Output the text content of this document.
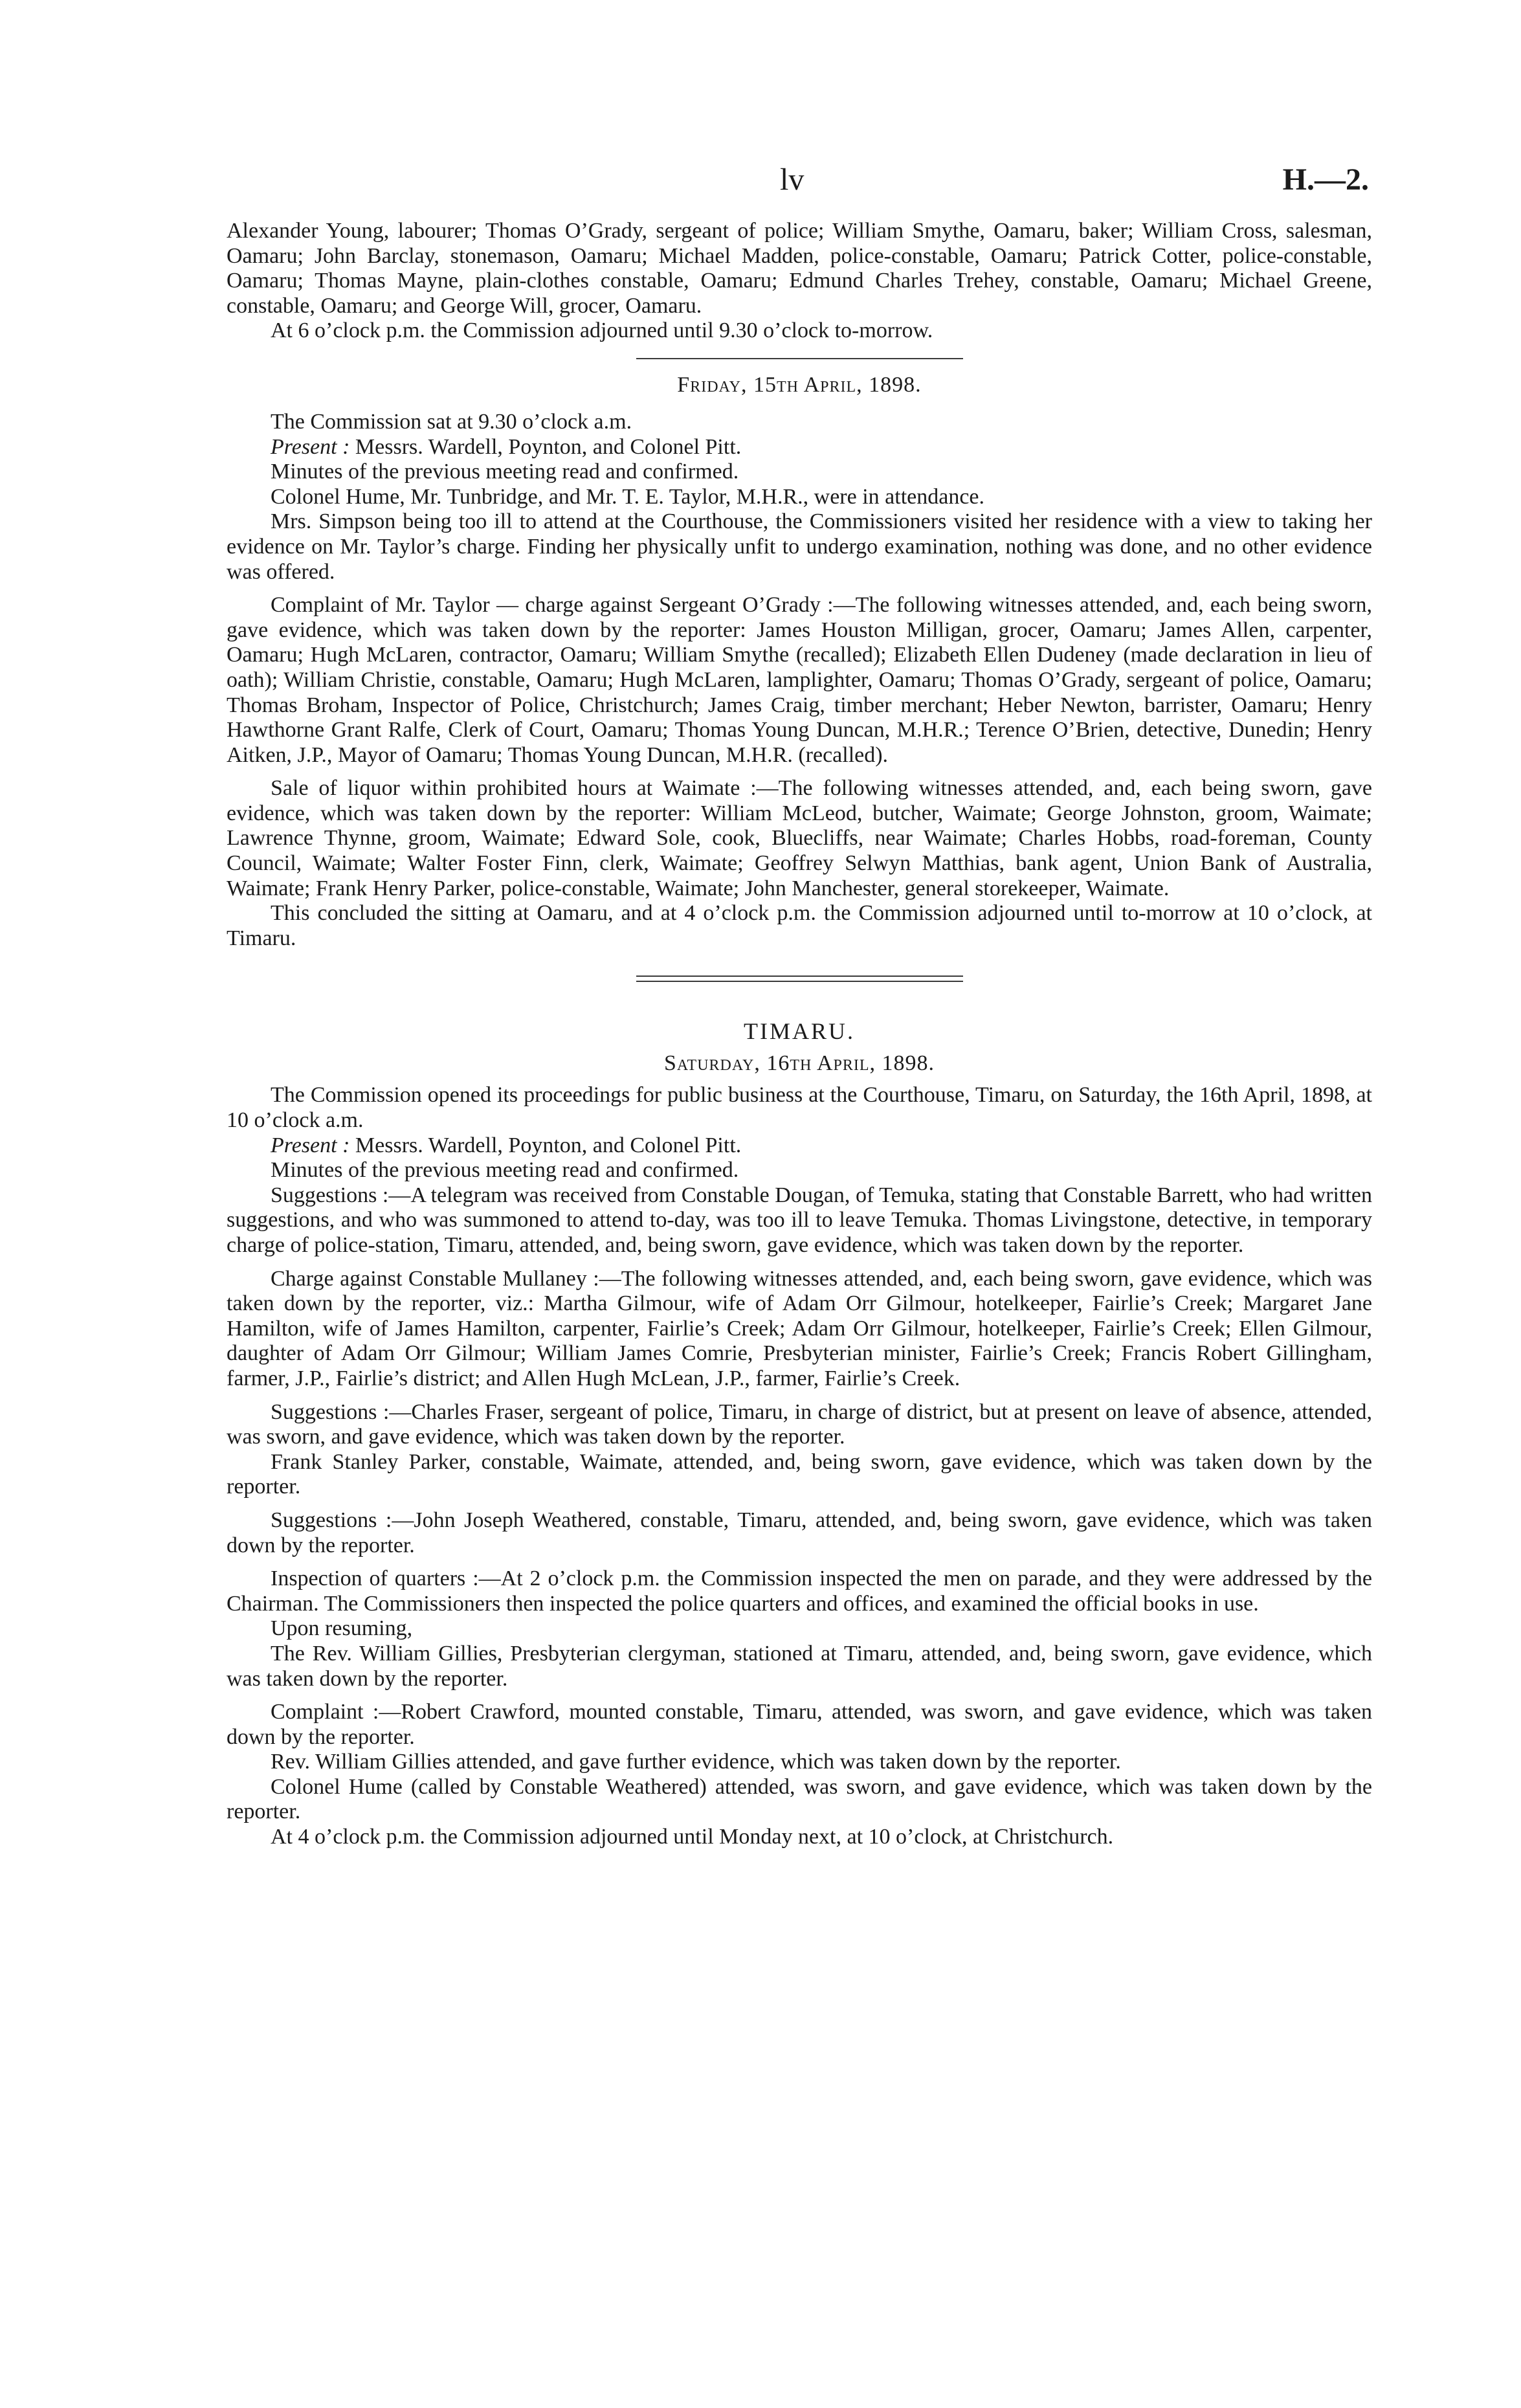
lv	H.—2.

Alexander Young, labourer; Thomas O’Grady, sergeant of police; William Smythe, Oamaru, baker; William Cross, salesman, Oamaru; John Barclay, stonemason, Oamaru; Michael Madden, police-constable, Oamaru; Patrick Cotter, police-constable, Oamaru; Thomas Mayne, plain-clothes constable, Oamaru; Edmund Charles Trehey, constable, Oamaru; Michael Greene, constable, Oamaru; and George Will, grocer, Oamaru.

At 6 o’clock p.m. the Commission adjourned until 9.30 o’clock to-morrow.

Friday, 15th April, 1898.

The Commission sat at 9.30 o’clock a.m.

Present : Messrs. Wardell, Poynton, and Colonel Pitt.

Minutes of the previous meeting read and confirmed.

Colonel Hume, Mr. Tunbridge, and Mr. T. E. Taylor, M.H.R., were in attendance.

Mrs. Simpson being too ill to attend at the Courthouse, the Commissioners visited her residence with a view to taking her evidence on Mr. Taylor’s charge. Finding her physically unfit to undergo examination, nothing was done, and no other evidence was offered.

Complaint of Mr. Taylor — charge against Sergeant O’Grady :—The following witnesses attended, and, each being sworn, gave evidence, which was taken down by the reporter: James Houston Milligan, grocer, Oamaru; James Allen, carpenter, Oamaru; Hugh McLaren, contractor, Oamaru; William Smythe (recalled); Elizabeth Ellen Dudeney (made declaration in lieu of oath); William Christie, constable, Oamaru; Hugh McLaren, lamplighter, Oamaru; Thomas O’Grady, sergeant of police, Oamaru; Thomas Broham, Inspector of Police, Christchurch; James Craig, timber merchant; Heber Newton, barrister, Oamaru; Henry Hawthorne Grant Ralfe, Clerk of Court, Oamaru; Thomas Young Duncan, M.H.R.; Terence O’Brien, detective, Dunedin; Henry Aitken, J.P., Mayor of Oamaru; Thomas Young Duncan, M.H.R. (recalled).

Sale of liquor within prohibited hours at Waimate :—The following witnesses attended, and, each being sworn, gave evidence, which was taken down by the reporter: William McLeod, butcher, Waimate; George Johnston, groom, Waimate; Lawrence Thynne, groom, Waimate; Edward Sole, cook, Bluecliffs, near Waimate; Charles Hobbs, road-foreman, County Council, Waimate; Walter Foster Finn, clerk, Waimate; Geoffrey Selwyn Matthias, bank agent, Union Bank of Australia, Waimate; Frank Henry Parker, police-constable, Waimate; John Manchester, general storekeeper, Waimate.

This concluded the sitting at Oamaru, and at 4 o’clock p.m. the Commission adjourned until to-morrow at 10 o’clock, at Timaru.

TIMARU.
Saturday, 16th April, 1898.

The Commission opened its proceedings for public business at the Courthouse, Timaru, on Saturday, the 16th April, 1898, at 10 o’clock a.m.

Present : Messrs. Wardell, Poynton, and Colonel Pitt.

Minutes of the previous meeting read and confirmed.

Suggestions :—A telegram was received from Constable Dougan, of Temuka, stating that Constable Barrett, who had written suggestions, and who was summoned to attend to-day, was too ill to leave Temuka. Thomas Livingstone, detective, in temporary charge of police-station, Timaru, attended, and, being sworn, gave evidence, which was taken down by the reporter.

Charge against Constable Mullaney :—The following witnesses attended, and, each being sworn, gave evidence, which was taken down by the reporter, viz.: Martha Gilmour, wife of Adam Orr Gilmour, hotelkeeper, Fairlie’s Creek; Margaret Jane Hamilton, wife of James Hamilton, carpenter, Fairlie’s Creek; Adam Orr Gilmour, hotelkeeper, Fairlie’s Creek; Ellen Gilmour, daughter of Adam Orr Gilmour; William James Comrie, Presbyterian minister, Fairlie’s Creek; Francis Robert Gillingham, farmer, J.P., Fairlie’s district; and Allen Hugh McLean, J.P., farmer, Fairlie’s Creek.

Suggestions :—Charles Fraser, sergeant of police, Timaru, in charge of district, but at present on leave of absence, attended, was sworn, and gave evidence, which was taken down by the reporter.

Frank Stanley Parker, constable, Waimate, attended, and, being sworn, gave evidence, which was taken down by the reporter.

Suggestions :—John Joseph Weathered, constable, Timaru, attended, and, being sworn, gave evidence, which was taken down by the reporter.

Inspection of quarters :—At 2 o’clock p.m. the Commission inspected the men on parade, and they were addressed by the Chairman. The Commissioners then inspected the police quarters and offices, and examined the official books in use.

Upon resuming,

The Rev. William Gillies, Presbyterian clergyman, stationed at Timaru, attended, and, being sworn, gave evidence, which was taken down by the reporter.

Complaint :—Robert Crawford, mounted constable, Timaru, attended, was sworn, and gave evidence, which was taken down by the reporter.

Rev. William Gillies attended, and gave further evidence, which was taken down by the reporter.

Colonel Hume (called by Constable Weathered) attended, was sworn, and gave evidence, which was taken down by the reporter.

At 4 o’clock p.m. the Commission adjourned until Monday next, at 10 o’clock, at Christchurch.
